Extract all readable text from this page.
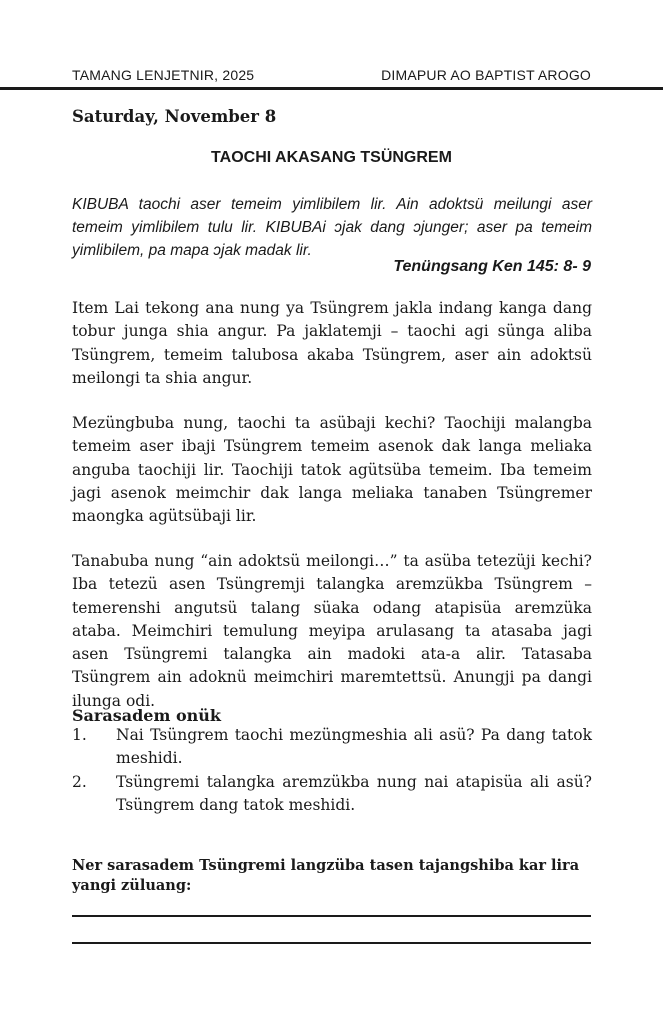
TAMANG LENJETNIR, 2025	DIMAPUR AO BAPTIST AROGO
Saturday, November 8
TAOCHI AKASANG TSÜNGREM
KIBUBA taochi aser temeim yimlibilem lir. Ain adoktsü meilungi aser temeim yimlibilem tulu lir. KIBUBAi ɔjak dang ɔjunger; aser pa temeim yimlibilem, pa mapa ɔjak madak lir.
Tenüngsang Ken 145: 8- 9
Item Lai tekong ana nung ya Tsüngrem jakla indang kanga dang tobur junga shia angur. Pa jaklatemji – taochi agi sünga aliba Tsüngrem, temeim talubosa akaba Tsüngrem, aser ain adoktsü meilongi ta shia angur.
Mezüngbuba nung, taochi ta asübaji kechi? Taochiji malangba temeim aser ibaji Tsüngrem temeim asenok dak langa meliaka anguba taochiji lir. Taochiji tatok agütsüba temeim. Iba temeim jagi asenok meimchir dak langa meliaka tanaben Tsüngremer maongka agütsübaji lir.
Tanabuba nung “ain adoktsü meilongi…” ta asüba tetezüji kechi? Iba tetezü asen Tsüngremji talangka aremzükba Tsüngrem – temerenshi angutsü talang süaka odang atapisüa aremzüka ataba. Meimchiri temulung meyipa arulasang ta atasaba jagi asen Tsüngremi talangka ain madoki ata-a alir. Tatasaba Tsüngrem ain adoknü meimchiri maremtettsü. Anungji pa dangi ilunga odi.
Sarasadem onük
1.	Nai Tsüngrem taochi mezüngmeshia ali asü? Pa dang tatok meshidi.
2.	Tsüngremi talangka aremzükba nung nai atapisüa ali asü? Tsüngrem dang tatok meshidi.
Ner sarasadem Tsüngremi langzüba tasen tajangshiba kar lira yangi züluang:
